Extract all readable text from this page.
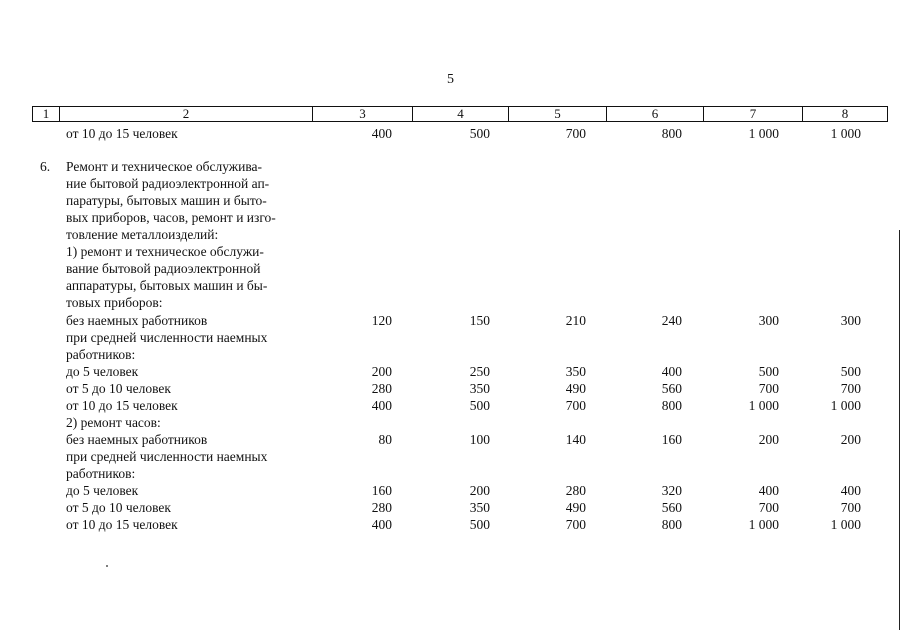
5
1	2	3	4	5	6	7	8
от 10 до 15 человек	400	500	700	800	1 000	1 000
6. Ремонт и техническое обслужива-
ние бытовой радиоэлектронной ап-
паратуры, бытовых машин и быто-
вых приборов, часов, ремонт и изго-
товление металлоизделий:
1) ремонт и техническое обслужи-
вание бытовой радиоэлектронной
аппаратуры, бытовых машин и бы-
товых приборов:
без наемных работников	120	150	210	240	300	300
при средней численности наемных
работников:
до 5 человек	200	250	350	400	500	500
от 5 до 10 человек	280	350	490	560	700	700
от 10 до 15 человек	400	500	700	800	1 000	1 000
2) ремонт часов:
без наемных работников	80	100	140	160	200	200
при средней численности наемных
работников:
до 5 человек	160	200	280	320	400	400
от 5 до 10 человек	280	350	490	560	700	700
от 10 до 15 человек	400	500	700	800	1 000	1 000
